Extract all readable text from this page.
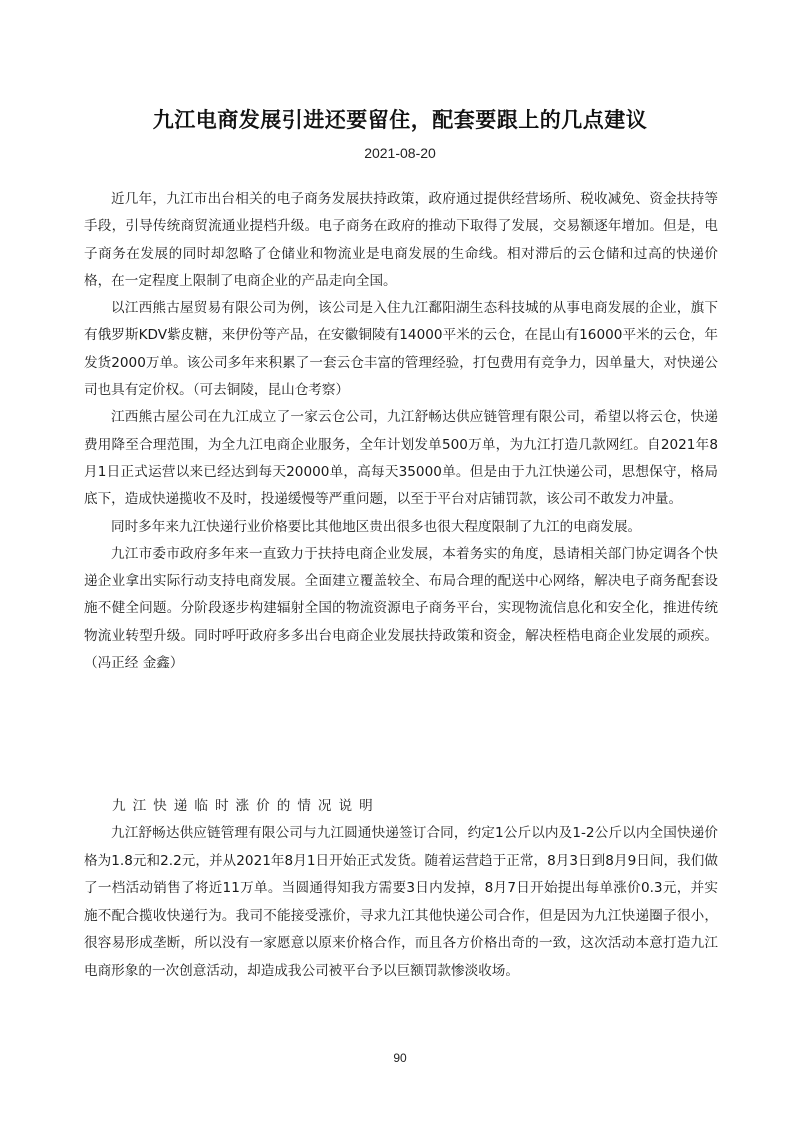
九江电商发展引进还要留住，配套要跟上的几点建议
2021-08-20

近几年，九江市出台相关的电子商务发展扶持政策，政府通过提供经营场所、税收减免、资金扶持等手段，引导传统商贸流通业提档升级。电子商务在政府的推动下取得了发展，交易额逐年增加。但是，电子商务在发展的同时却忽略了仓储业和物流业是电商发展的生命线。相对滞后的云仓储和过高的快递价格，在一定程度上限制了电商企业的产品走向全国。

以江西熊古屋贸易有限公司为例，该公司是入住九江鄱阳湖生态科技城的从事电商发展的企业，旗下有俄罗斯KDV紫皮糖，来伊份等产品，在安徽铜陵有14000平米的云仓，在昆山有16000平米的云仓，年发货2000万单。该公司多年来积累了一套云仓丰富的管理经验，打包费用有竞争力，因单量大，对快递公司也具有定价权。（可去铜陵，昆山仓考察）

江西熊古屋公司在九江成立了一家云仓公司，九江舒畅达供应链管理有限公司，希望以将云仓，快递费用降至合理范围，为全九江电商企业服务，全年计划发单500万单，为九江打造几款网红。自2021年8月1日正式运营以来已经达到每天20000单，高每天35000单。但是由于九江快递公司，思想保守，格局底下，造成快递揽收不及时，投递缓慢等严重问题，以至于平台对店铺罚款，该公司不敢发力冲量。

同时多年来九江快递行业价格要比其他地区贵出很多也很大程度限制了九江的电商发展。

九江市委市政府多年来一直致力于扶持电商企业发展，本着务实的角度，恳请相关部门协定调各个快递企业拿出实际行动支持电商发展。全面建立覆盖较全、布局合理的配送中心网络，解决电子商务配套设施不健全问题。分阶段逐步构建辐射全国的物流资源电子商务平台，实现物流信息化和安全化，推进传统物流业转型升级。同时呼吁政府多多出台电商企业发展扶持政策和资金，解决桎梏电商企业发展的顽疾。（冯正经 金鑫）

九江快递临时涨价的情况说明

九江舒畅达供应链管理有限公司与九江圆通快递签订合同，约定1公斤以内及1-2公斤以内全国快递价格为1.8元和2.2元，并从2021年8月1日开始正式发货。随着运营趋于正常，8月3日到8月9日间，我们做了一档活动销售了将近11万单。当圆通得知我方需要3日内发掉，8月7日开始提出每单涨价0.3元，并实施不配合揽收快递行为。我司不能接受涨价，寻求九江其他快递公司合作，但是因为九江快递圈子很小，很容易形成垄断，所以没有一家愿意以原来价格合作，而且各方价格出奇的一致，这次活动本意打造九江电商形象的一次创意活动，却造成我公司被平台予以巨额罚款惨淡收场。

90
